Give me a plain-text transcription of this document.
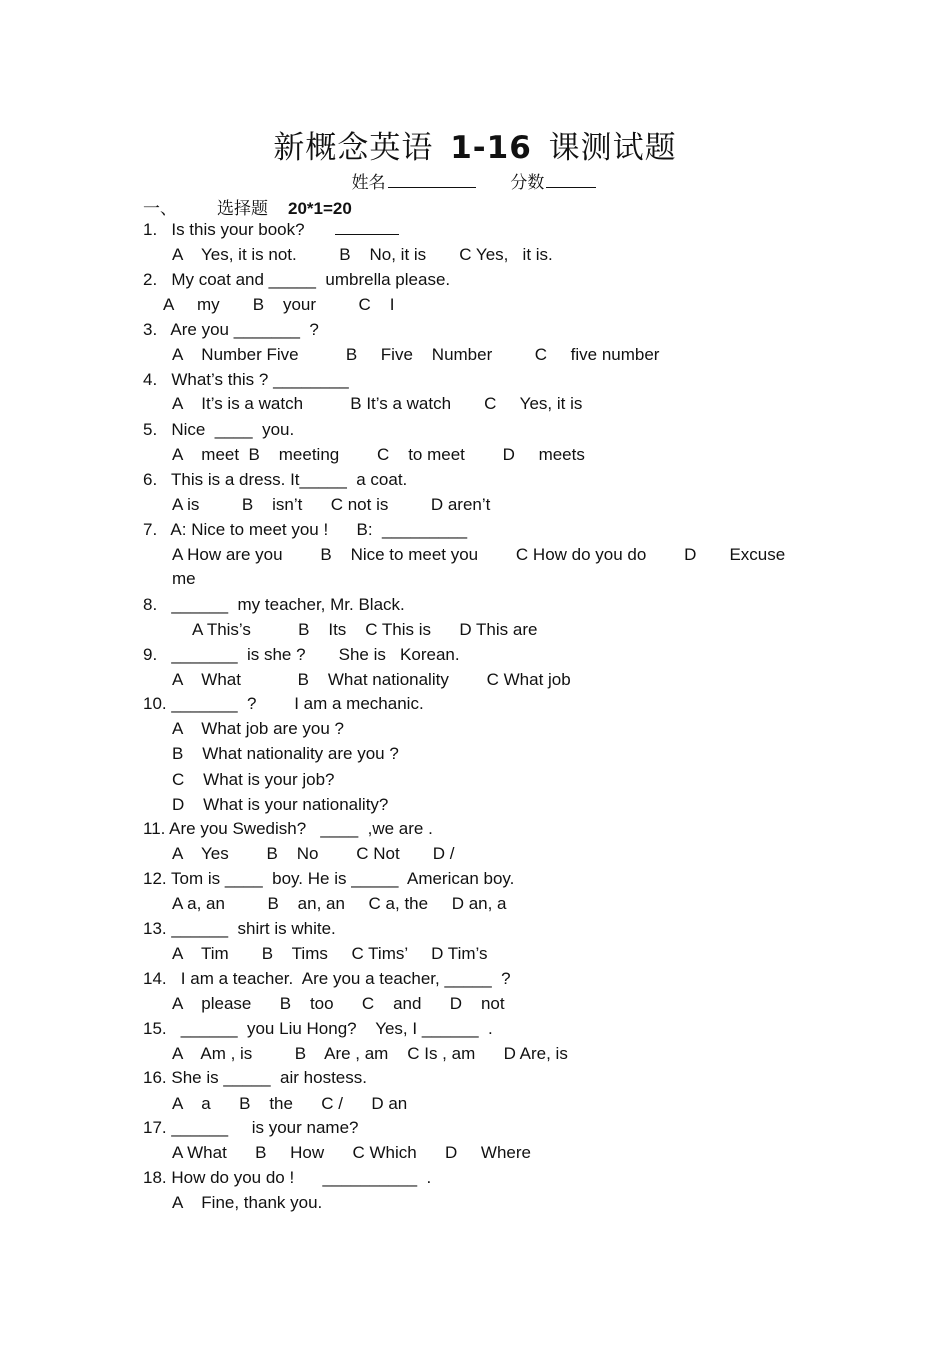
新概念英语 1-16 课测试题
姓名	分数
一、 选择题 20*1=20
1.   Is this your book?
A    Yes, it is not.         B    No, it is       C Yes,   it is.
2.   My coat and _____  umbrella please.
A     my       B    your         C    I
3.   Are you _______  ?
A    Number Five          B     Five    Number         C     five number
4.   What’s this ? ________
A    It’s is a watch          B It’s a watch       C     Yes, it is
5.   Nice  ____  you.
A    meet  B    meeting        C    to meet        D     meets
6.   This is a dress. It_____  a coat.
A is         B    isn’t      C not is         D aren’t
7.   A: Nice to meet you !      B:  _________
A How are you        B    Nice to meet you        C How do you do        D       Excuse
me
8.   ______  my teacher, Mr. Black.
A This’s          B    Its    C This is      D This are
9.   _______  is she ?       She is   Korean.
A    What            B    What nationality        C What job
10. _______  ?        I am a mechanic.
A    What job are you ?
B    What nationality are you ?
C    What is your job?
D    What is your nationality?
11. Are you Swedish?   ____  ,we are .
A    Yes        B    No        C Not       D /
12. Tom is ____  boy. He is _____  American boy.
A a, an         B    an, an     C a, the     D an, a
13. ______  shirt is white.
A    Tim       B    Tims     C Tims’     D Tim’s
14.   I am a teacher.  Are you a teacher, _____  ?
A    please      B    too      C    and      D    not
15.   ______  you Liu Hong?    Yes, I ______  .
A    Am , is         B    Are , am    C Is , am      D Are, is
16. She is _____  air hostess.
A    a      B    the      C /      D an
17. ______     is your name?
A What      B     How      C Which      D     Where
18. How do you do !      __________  .
A    Fine, thank you.
